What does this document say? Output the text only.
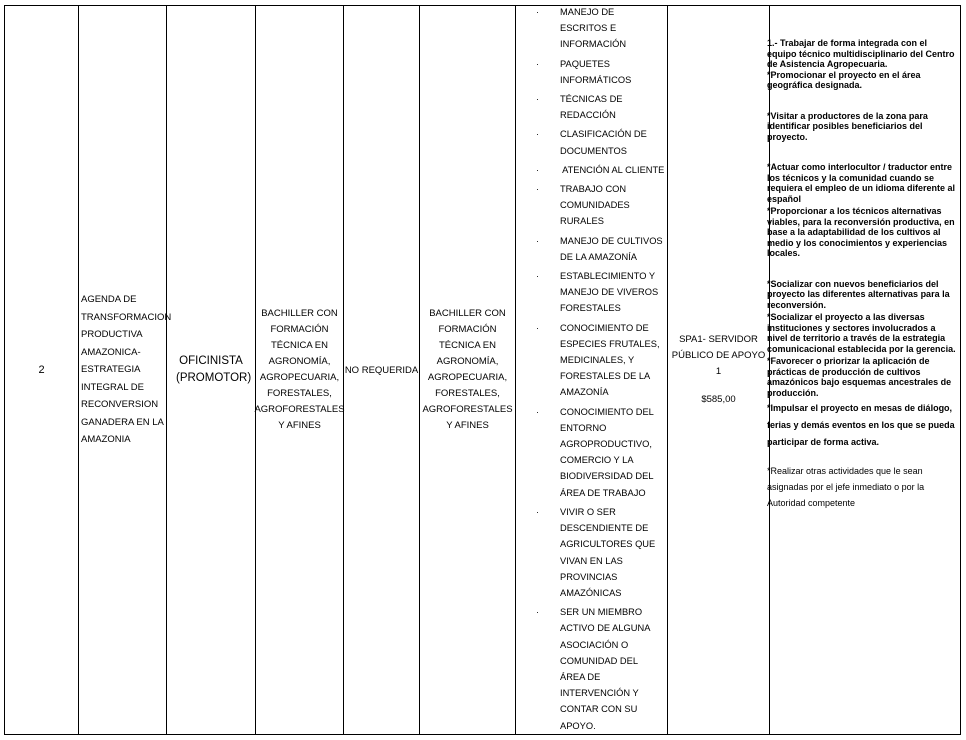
2
AGENDA DE TRANSFORMACION PRODUCTIVA AMAZONICA- ESTRATEGIA INTEGRAL DE RECONVERSION GANADERA EN LA AMAZONIA
OFICINISTA (PROMOTOR)
BACHILLER CON FORMACIÓN TÉCNICA EN AGRONOMÍA, AGROPECUARIA, FORESTALES, AGROFORESTALES Y AFINES
NO REQUERIDA
BACHILLER CON FORMACIÓN TÉCNICA EN AGRONOMÍA, AGROPECUARIA, FORESTALES, AGROFORESTALES Y AFINES
SPA1- SERVIDOR PÚBLICO DE APOYO 1
$585,00
· MANEJO DE ESCRITOS E INFORMACIÓN
· PAQUETES INFORMÁTICOS
· TÉCNICAS DE REDACCIÓN
· CLASIFICACIÓN DE DOCUMENTOS
· ATENCIÓN AL CLIENTE
· TRABAJO CON COMUNIDADES RURALES
· MANEJO DE CULTIVOS DE LA AMAZONÍA
· ESTABLECIMIENTO Y MANEJO DE VIVEROS FORESTALES
· CONOCIMIENTO DE ESPECIES FRUTALES, MEDICINALES, Y FORESTALES DE LA AMAZONÍA
· CONOCIMIENTO DEL ENTORNO AGROPRODUCTIVO, COMERCIO Y LA BIODIVERSIDAD DEL ÁREA DE TRABAJO
· VIVIR O SER DESCENDIENTE DE AGRICULTORES QUE VIVAN EN LAS PROVINCIAS AMAZÓNICAS
· SER UN MIEMBRO ACTIVO DE ALGUNA ASOCIACIÓN O COMUNIDAD DEL ÁREA DE INTERVENCIÓN Y CONTAR CON SU APOYO.

1.- Trabajar de forma integrada con el equipo técnico multidisciplinario del Centro de Asistencia Agropecuaria.

*Promocionar el proyecto en el área geográfica designada.

*Visitar a productores de la zona para identificar posibles beneficiarios del proyecto.

*Actuar como interlocultor / traductor entre los técnicos y la comunidad cuando se requiera el empleo de un idioma diferente al español

*Proporcionar a los técnicos alternativas viables, para la reconversión productiva, en base a la adaptabilidad de los cultivos al medio y los conocimientos y experiencias locales.

*Socializar con nuevos beneficiarios del proyecto las diferentes alternativas para la reconversión.

*Socializar el proyecto a las diversas instituciones y sectores involucrados a nivel de territorio a través de la estrategia comunicacional establecida por la gerencia.

*Favorecer o priorizar la aplicación de prácticas de producción de cultivos amazónicos bajo esquemas ancestrales de producción.

*Impulsar el proyecto en mesas de diálogo, ferias y demás eventos en los que se pueda participar de forma activa.

*Realizar otras actividades que le sean asignadas por el jefe inmediato o por la Autoridad competente
